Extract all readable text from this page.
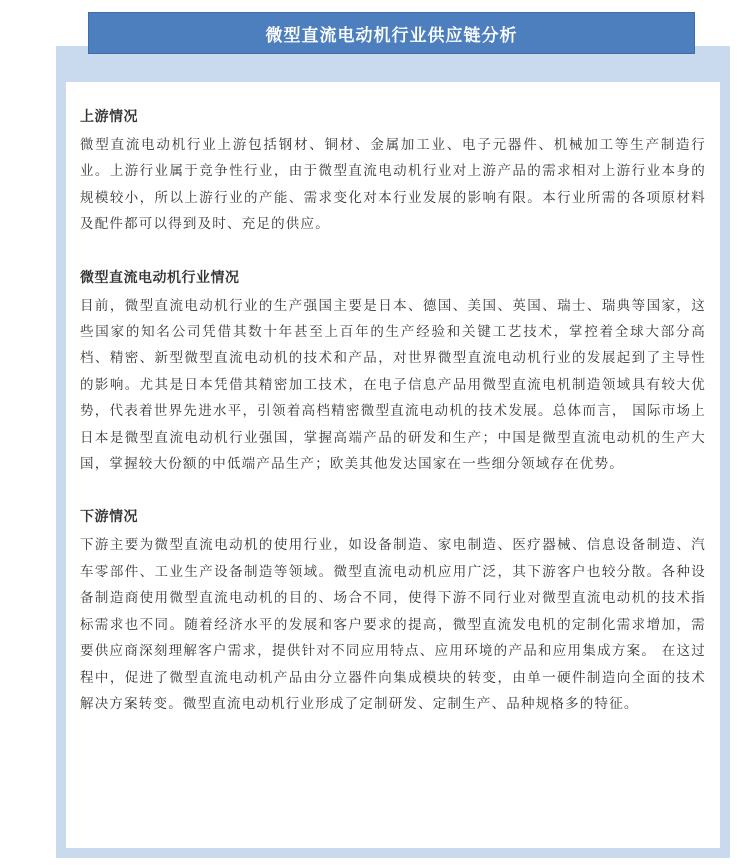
微型直流电动机行业供应链分析
上游情况

微型直流电动机行业上游包括钢材、铜材、金属加工业、电子元器件、机械加工等生产制造行业。上游行业属于竞争性行业，由于微型直流电动机行业对上游产品的需求相对上游行业本身的规模较小，所以上游行业的产能、需求变化对本行业发展的影响有限。本行业所需的各项原材料及配件都可以得到及时、充足的供应。

微型直流电动机行业情况

目前，微型直流电动机行业的生产强国主要是日本、德国、美国、英国、瑞士、瑞典等国家，这些国家的知名公司凭借其数十年甚至上百年的生产经验和关键工艺技术，掌控着全球大部分高档、精密、新型微型直流电动机的技术和产品，对世界微型直流电动机行业的发展起到了主导性的影响。尤其是日本凭借其精密加工技术，在电子信息产品用微型直流电机制造领域具有较大优势，代表着世界先进水平，引领着高档精密微型直流电动机的技术发展。总体而言， 国际市场上日本是微型直流电动机行业强国，掌握高端产品的研发和生产；中国是微型直流电动机的生产大国，掌握较大份额的中低端产品生产；欧美其他发达国家在一些细分领域存在优势。

下游情况

下游主要为微型直流电动机的使用行业，如设备制造、家电制造、医疗器械、信息设备制造、汽车零部件、工业生产设备制造等领域。微型直流电动机应用广泛，其下游客户也较分散。各种设备制造商使用微型直流电动机的目的、场合不同，使得下游不同行业对微型直流电动机的技术指标需求也不同。随着经济水平的发展和客户要求的提高，微型直流发电机的定制化需求增加，需要供应商深刻理解客户需求，提供针对不同应用特点、应用环境的产品和应用集成方案。 在这过程中，促进了微型直流电动机产品由分立器件向集成模块的转变，由单一硬件制造向全面的技术解决方案转变。微型直流电动机行业形成了定制研发、定制生产、品种规格多的特征。
